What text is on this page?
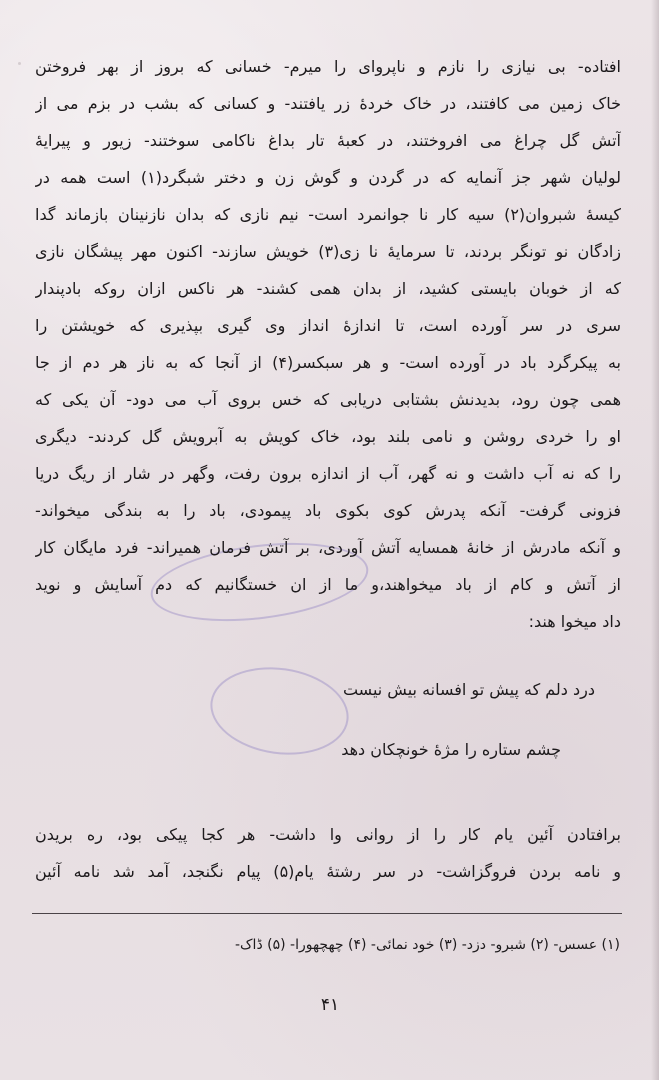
افتاده- بی نیازی را نازم و ناپروای را میرم- خسانی که بروز از بهر فروختن
خاک زمین می کافتند، در خاک خردهٔ زر یافتند- و کسانی که بشب در بزم می از
آتش گل چراغ می افروختند، در کعبهٔ تار بداغ ناکامی سوختند- زیور و پیرایهٔ
لولیان شهر جز آنمایه که در گردن و گوش زن و دختر شبگرد(۱) است همه در
کیسهٔ شبروان(۲) سیه کار نا جوانمرد است- نیم نازی که بدان نازنینان بازماند گدا
زادگان نو تونگر بردند، تا سرمایهٔ نا زی(۳) خویش سازند- اکنون مهر پیشگان نازی
که از خوبان بایستی کشید، از بدان همی کشند- هر ناکس ازان روکه بادپندار
سری در سر آورده است، تا اندازهٔ انداز وی گیری بپذیری که خویشتن را
به پیکرگرد باد در آورده است- و هر سبکسر(۴) از آنجا که به ناز هر دم از جا
همی چون رود، بدیدنش بشتابی دریابی که خس بروی آب می دود- آن یکی که
او را خردی روشن و نامی بلند بود، خاک کویش به آبرویش گل کردند- دیگری
را که نه آب داشت و نه گهر، آب از اندازه برون رفت، وگهر در شار از ریگ دریا
فزونی گرفت- آنکه پدرش کوی بکوی باد پیمودی، باد را به بندگی میخواند-
و آنکه مادرش از خانهٔ همسایه آتش آوردی، بر آتش فرمان همیراند- فرد مایگان کار
از آتش و کام از باد میخواهند،و ما از ان خستگانیم که دم آسایش و نوید
داد میخوا هند:
درد دلم که پیش تو افسانه بیش نیست
چشم ستاره را مژهٔ خونچکان دهد
برافتادن آئین یام کار را از روانی وا داشت- هر کجا پیکی بود، ره بریدن
و نامه بردن فروگزاشت- در سر رشتهٔ یام(۵) پیام نگنجد، آمد شد نامه آئین
(۱) عسس- (۲) شبرو- دزد- (۳) خود نمائی- (۴) چهچهورا- (۵) ڈاک-
۴۱
